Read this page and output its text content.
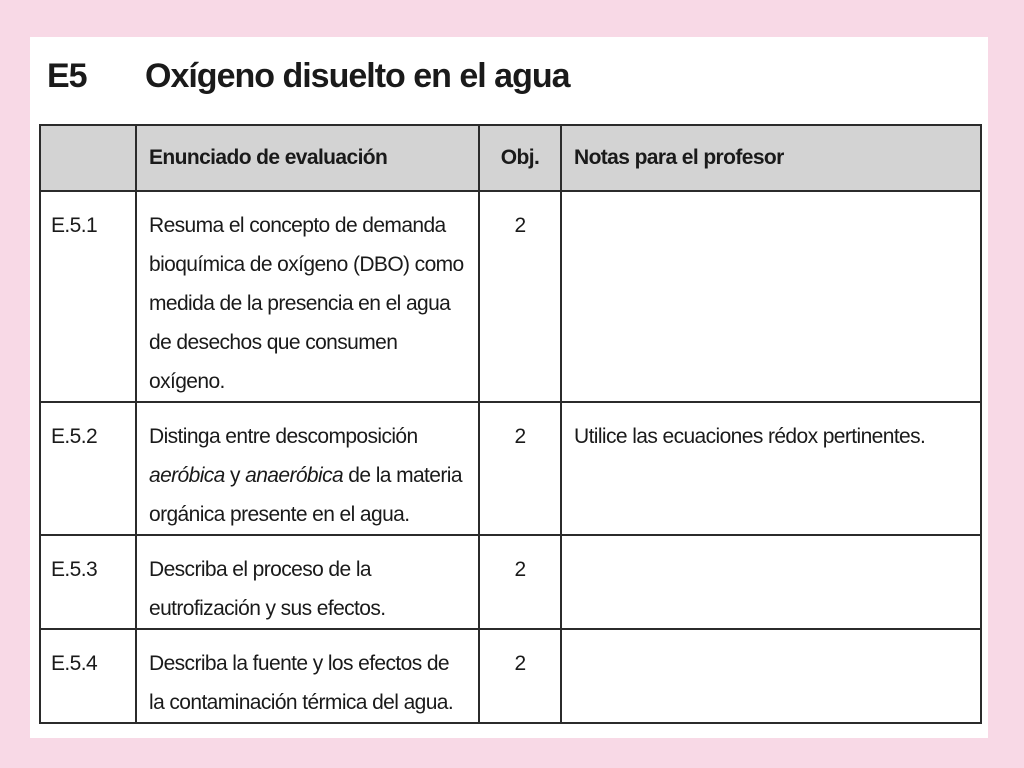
E5	Oxígeno disuelto en el agua
	Enunciado de evaluación	Obj.	Notas para el profesor
E.5.1	Resuma el concepto de demanda bioquímica de oxígeno (DBO) como medida de la presencia en el agua de desechos que consumen oxígeno.	2	
E.5.2	Distinga entre descomposición aeróbica y anaeróbica de la materia orgánica presente en el agua.	2	Utilice las ecuaciones rédox pertinentes.
E.5.3	Describa el proceso de la eutrofización y sus efectos.	2	
E.5.4	Describa la fuente y los efectos de la contaminación térmica del agua.	2	
